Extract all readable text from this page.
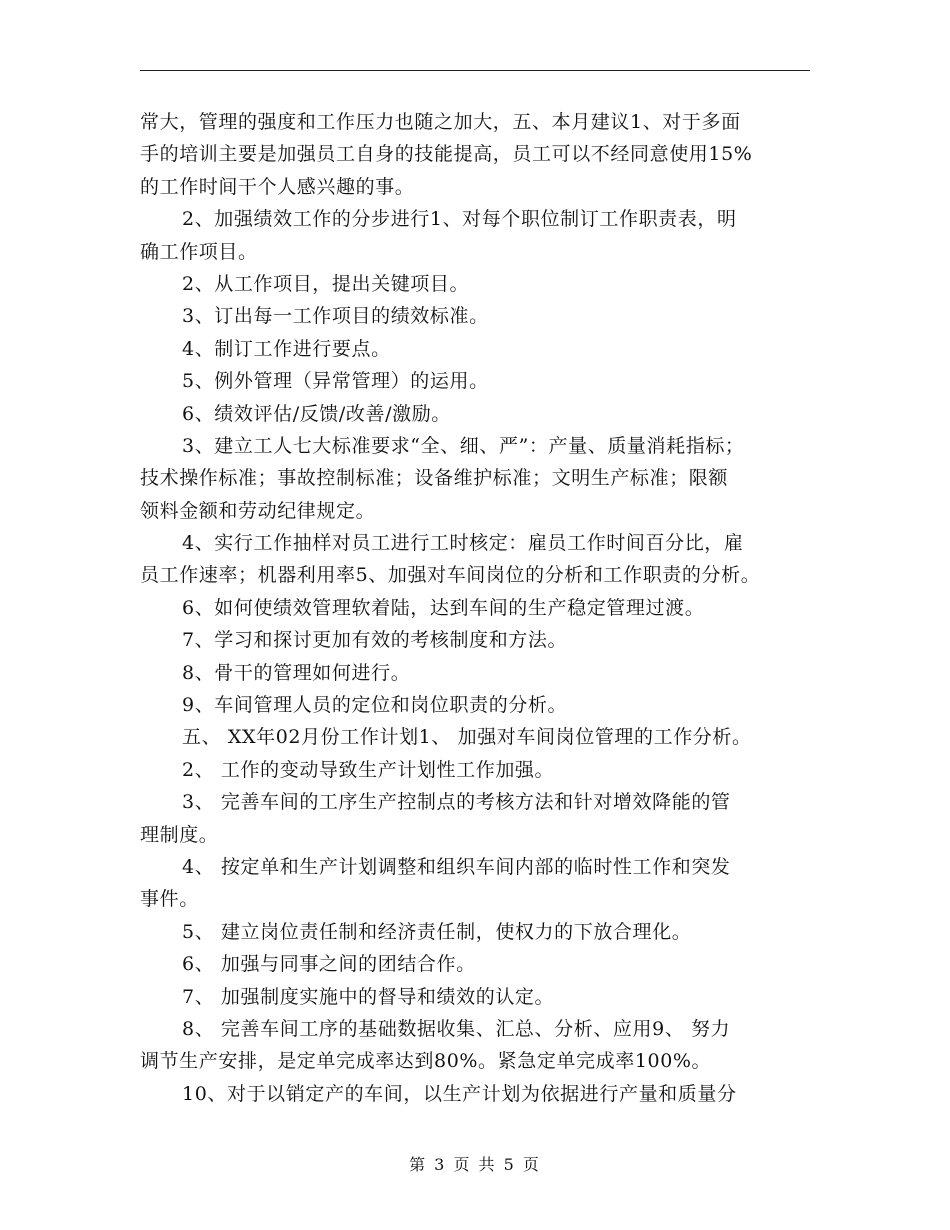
常大，管理的强度和工作压力也随之加大，五、本月建议1、对于多面
手的培训主要是加强员工自身的技能提高，员工可以不经同意使用15%
的工作时间干个人感兴趣的事。
2、加强绩效工作的分步进行1、对每个职位制订工作职责表，明
确工作项目。
2、从工作项目，提出关键项目。
3、订出每一工作项目的绩效标准。
4、制订工作进行要点。
5、例外管理（异常管理）的运用。
6、绩效评估/反馈/改善/激励。
3、建立工人七大标准要求“全、细、严”：产量、质量消耗指标；
技术操作标准；事故控制标准；设备维护标准；文明生产标准；限额
领料金额和劳动纪律规定。
4、实行工作抽样对员工进行工时核定：雇员工作时间百分比，雇
员工作速率；机器利用率5、加强对车间岗位的分析和工作职责的分析。
6、如何使绩效管理软着陆，达到车间的生产稳定管理过渡。
7、学习和探讨更加有效的考核制度和方法。
8、骨干的管理如何进行。
9、车间管理人员的定位和岗位职责的分析。
五、 XX年02月份工作计划1、 加强对车间岗位管理的工作分析。
2、 工作的变动导致生产计划性工作加强。
3、 完善车间的工序生产控制点的考核方法和针对增效降能的管
理制度。
4、 按定单和生产计划调整和组织车间内部的临时性工作和突发
事件。
5、 建立岗位责任制和经济责任制，使权力的下放合理化。
6、 加强与同事之间的团结合作。
7、 加强制度实施中的督导和绩效的认定。
8、 完善车间工序的基础数据收集、汇总、分析、应用9、 努力
调节生产安排，是定单完成率达到80%。紧急定单完成率100%。
10、对于以销定产的车间，以生产计划为依据进行产量和质量分
第 3 页 共 5 页
